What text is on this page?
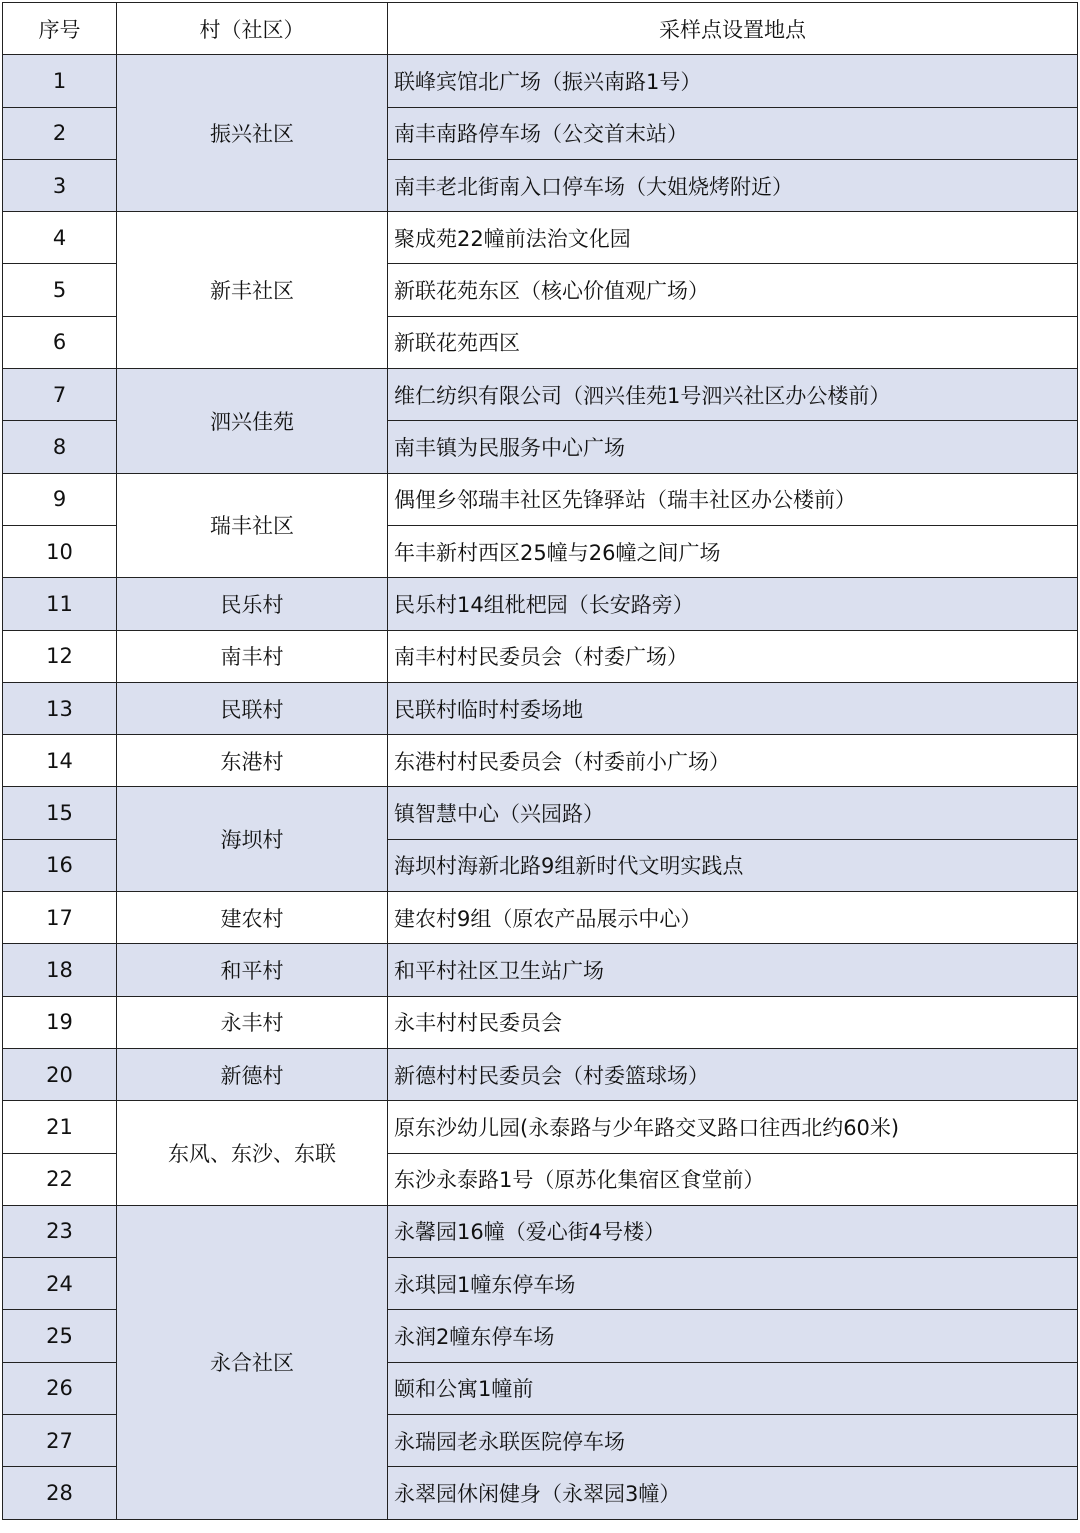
序号	村（社区）	采样点设置地点
1	振兴社区	联峰宾馆北广场（振兴南路1号）
2		南丰南路停车场（公交首末站）
3		南丰老北街南入口停车场（大姐烧烤附近）
4	新丰社区	聚成苑22幢前法治文化园
5		新联花苑东区（核心价值观广场）
6		新联花苑西区
7	泗兴佳苑	维仁纺织有限公司（泗兴佳苑1号泗兴社区办公楼前）
8		南丰镇为民服务中心广场
9	瑞丰社区	偶俚乡邻瑞丰社区先锋驿站（瑞丰社区办公楼前）
10		年丰新村西区25幢与26幢之间广场
11	民乐村	民乐村14组枇杷园（长安路旁）
12	南丰村	南丰村村民委员会（村委广场）
13	民联村	民联村临时村委场地
14	东港村	东港村村民委员会（村委前小广场）
15	海坝村	镇智慧中心（兴园路）
16		海坝村海新北路9组新时代文明实践点
17	建农村	建农村9组（原农产品展示中心）
18	和平村	和平村社区卫生站广场
19	永丰村	永丰村村民委员会
20	新德村	新德村村民委员会（村委篮球场）
21	东风、东沙、东联	原东沙幼儿园(永泰路与少年路交叉路口往西北约60米)
22		东沙永泰路1号（原苏化集宿区食堂前）
23	永合社区	永馨园16幢（爱心街4号楼）
24		永琪园1幢东停车场
25		永润2幢东停车场
26		颐和公寓1幢前
27		永瑞园老永联医院停车场
28		永翠园休闲健身（永翠园3幢）
